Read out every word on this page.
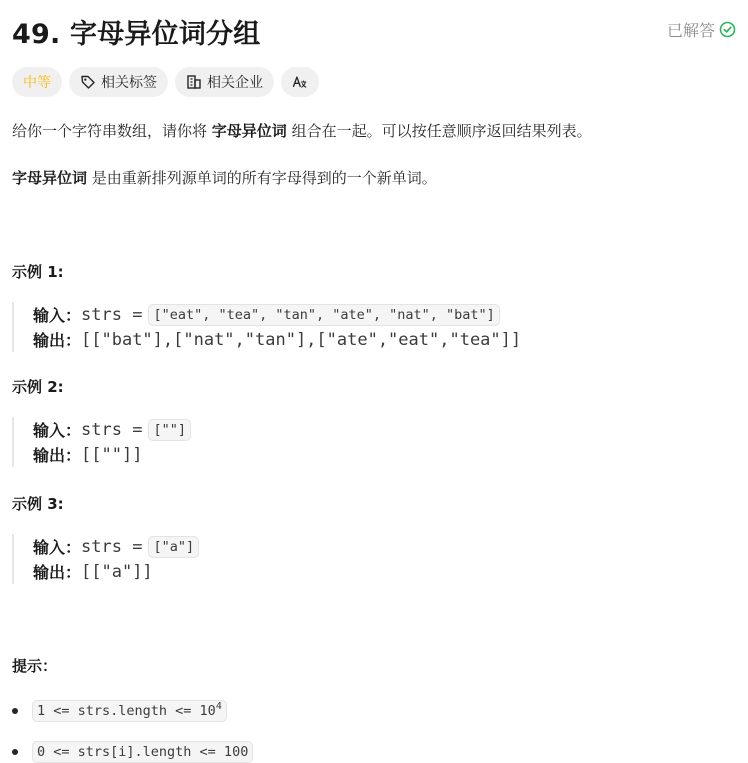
49. 字母异位词分组	已解答
中等	相关标签	相关企业
给你一个字符串数组，请你将 字母异位词 组合在一起。可以按任意顺序返回结果列表。
字母异位词 是由重新排列源单词的所有字母得到的一个新单词。
示例 1:
输入： strs = ["eat", "tea", "tan", "ate", "nat", "bat"]
输出： [["bat"],["nat","tan"],["ate","eat","tea"]]
示例 2:
输入： strs = [""]
输出： [[""]]
示例 3:
输入： strs = ["a"]
输出： [["a"]]
提示：
1 <= strs.length <= $10^4$
0 <= strs[i].length <= 100
